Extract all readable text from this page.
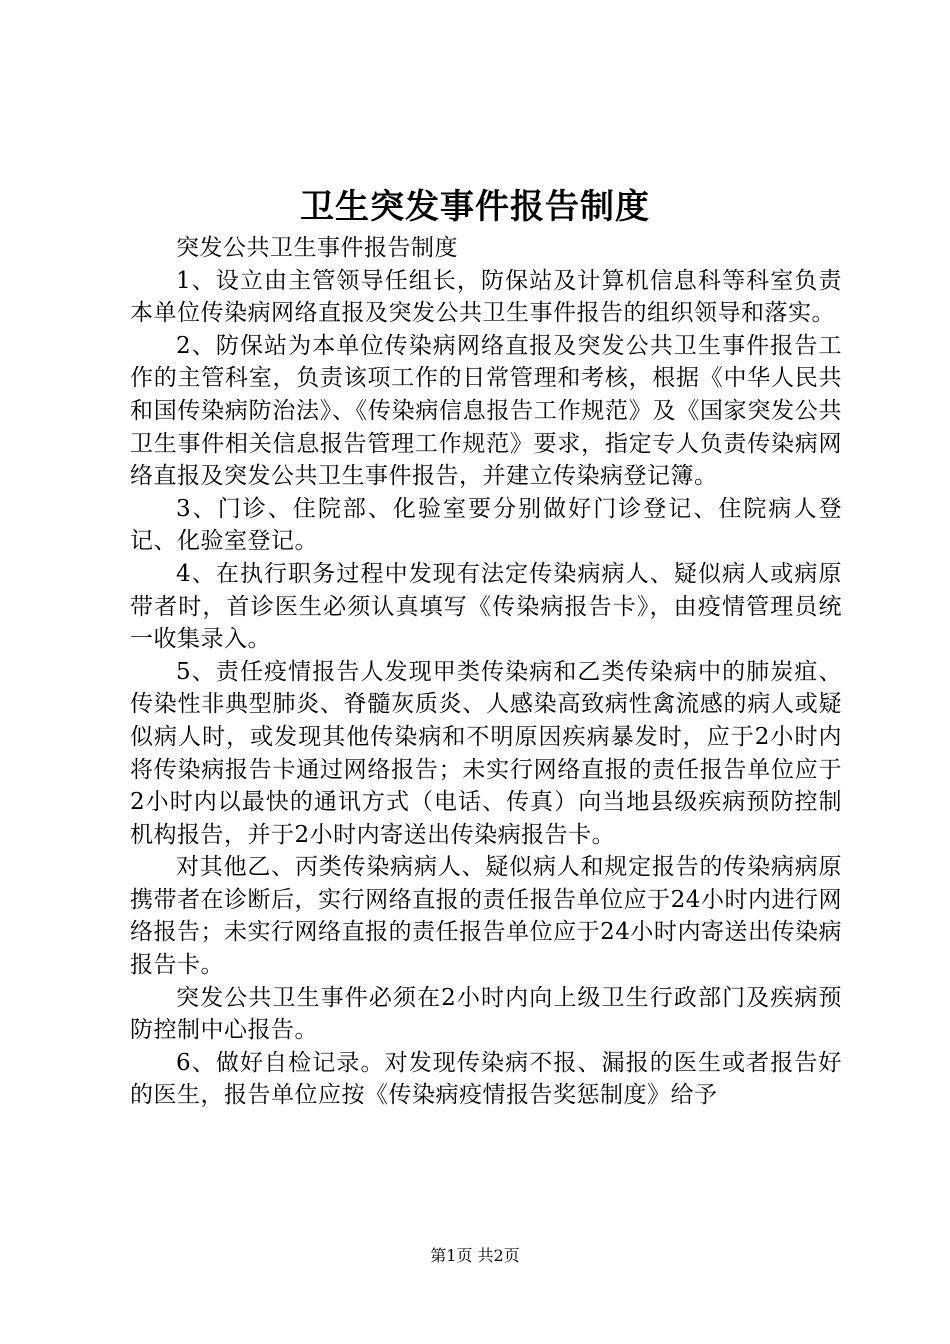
卫生突发事件报告制度

突发公共卫生事件报告制度

1、设立由主管领导任组长，防保站及计算机信息科等科室负责本单位传染病网络直报及突发公共卫生事件报告的组织领导和落实。

2、防保站为本单位传染病网络直报及突发公共卫生事件报告工作的主管科室，负责该项工作的日常管理和考核，根据《中华人民共和国传染病防治法》、《传染病信息报告工作规范》及《国家突发公共卫生事件相关信息报告管理工作规范》要求，指定专人负责传染病网络直报及突发公共卫生事件报告，并建立传染病登记簿。

3、门诊、住院部、化验室要分别做好门诊登记、住院病人登记、化验室登记。

4、在执行职务过程中发现有法定传染病病人、疑似病人或病原带者时，首诊医生必须认真填写《传染病报告卡》，由疫情管理员统一收集录入。

5、责任疫情报告人发现甲类传染病和乙类传染病中的肺炭疽、传染性非典型肺炎、脊髓灰质炎、人感染高致病性禽流感的病人或疑似病人时，或发现其他传染病和不明原因疾病暴发时，应于2小时内将传染病报告卡通过网络报告；未实行网络直报的责任报告单位应于2小时内以最快的通讯方式（电话、传真）向当地县级疾病预防控制机构报告，并于2小时内寄送出传染病报告卡。

对其他乙、丙类传染病病人、疑似病人和规定报告的传染病病原携带者在诊断后，实行网络直报的责任报告单位应于24小时内进行网络报告；未实行网络直报的责任报告单位应于24小时内寄送出传染病报告卡。

突发公共卫生事件必须在2小时内向上级卫生行政部门及疾病预防控制中心报告。

6、做好自检记录。对发现传染病不报、漏报的医生或者报告好的医生，报告单位应按《传染病疫情报告奖惩制度》给予

第1页 共2页
